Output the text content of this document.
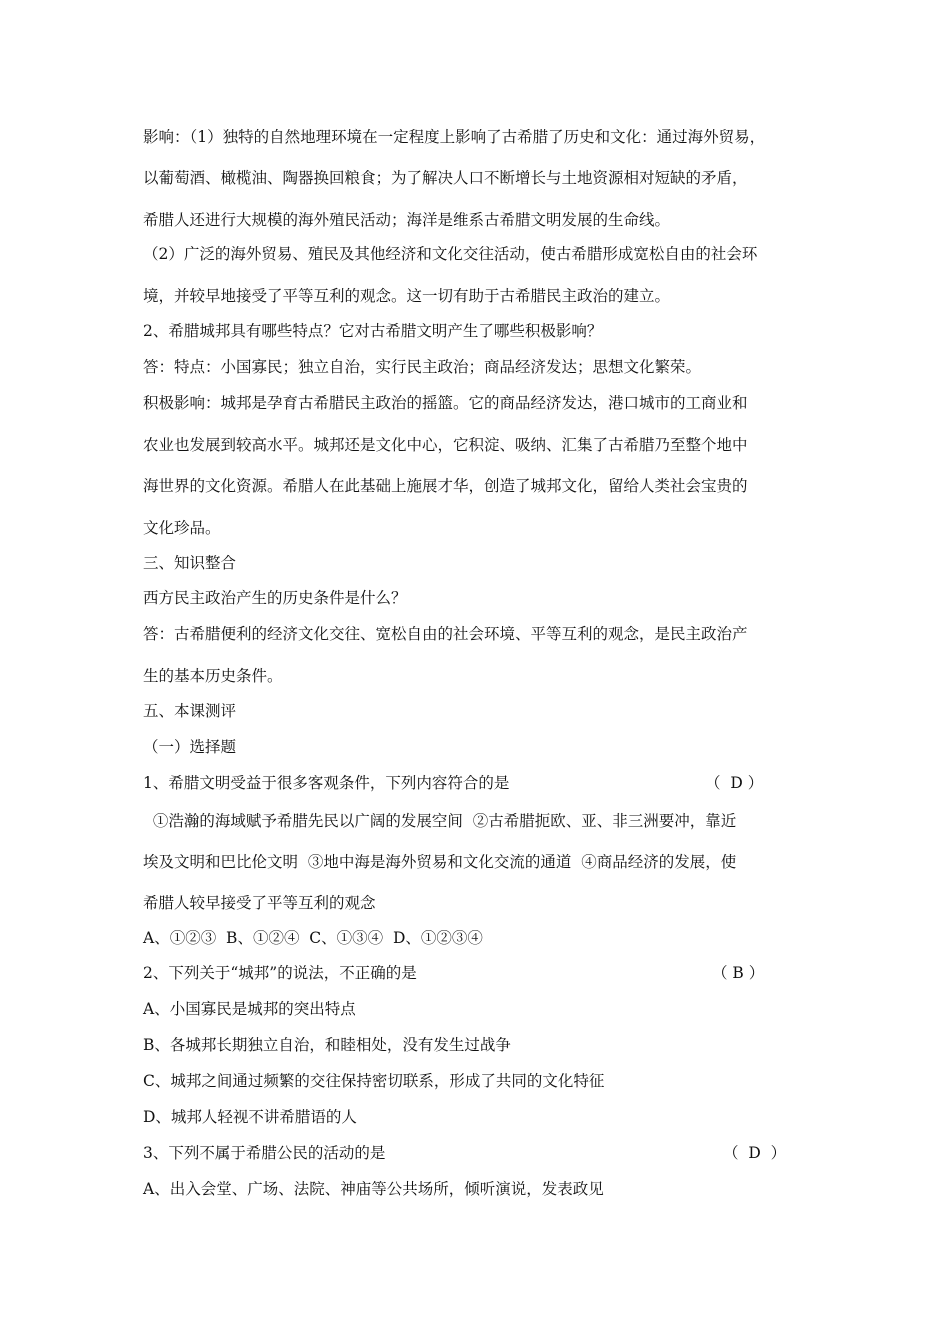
影响：（1）独特的自然地理环境在一定程度上影响了古希腊了历史和文化：通过海外贸易，
以葡萄酒、橄榄油、陶器换回粮食；为了解决人口不断增长与土地资源相对短缺的矛盾，
希腊人还进行大规模的海外殖民活动；海洋是维系古希腊文明发展的生命线。
（2）广泛的海外贸易、殖民及其他经济和文化交往活动，使古希腊形成宽松自由的社会环
境，并较早地接受了平等互利的观念。这一切有助于古希腊民主政治的建立。
2、希腊城邦具有哪些特点？它对古希腊文明产生了哪些积极影响？
答：特点：小国寡民；独立自治，实行民主政治；商品经济发达；思想文化繁荣。
积极影响：城邦是孕育古希腊民主政治的摇篮。它的商品经济发达，港口城市的工商业和
农业也发展到较高水平。城邦还是文化中心，它积淀、吸纳、汇集了古希腊乃至整个地中
海世界的文化资源。希腊人在此基础上施展才华，创造了城邦文化，留给人类社会宝贵的
文化珍品。
三、知识整合
西方民主政治产生的历史条件是什么？
答：古希腊便利的经济文化交往、宽松自由的社会环境、平等互利的观念，是民主政治产
生的基本历史条件。
五、本课测评
（一）选择题
1、希腊文明受益于很多客观条件，下列内容符合的是
①浩瀚的海域赋予希腊先民以广阔的发展空间  ②古希腊扼欧、亚、非三洲要冲，靠近
埃及文明和巴比伦文明  ③地中海是海外贸易和文化交流的通道  ④商品经济的发展，使
希腊人较早接受了平等互利的观念
A、①②③  B、①②④  C、①③④  D、①②③④
2、下列关于“城邦”的说法，不正确的是
A、小国寡民是城邦的突出特点
B、各城邦长期独立自治，和睦相处，没有发生过战争
C、城邦之间通过频繁的交往保持密切联系，形成了共同的文化特征
D、城邦人轻视不讲希腊语的人
3、下列不属于希腊公民的活动的是
A、出入会堂、广场、法院、神庙等公共场所，倾听演说，发表政见
（  D ）
（ B ）
（  D  ）
